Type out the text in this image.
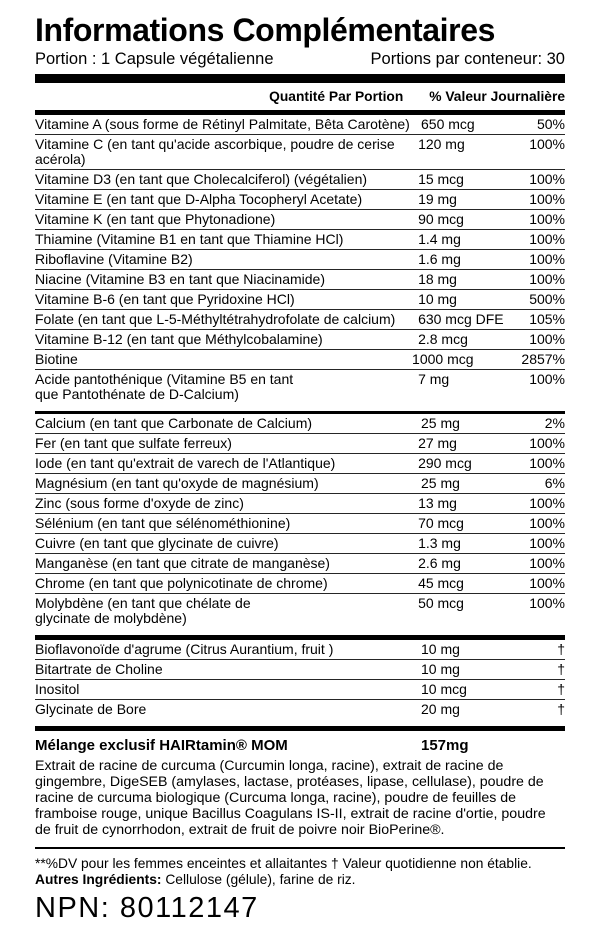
Informations Complémentaires
Portion : 1 Capsule végétalienne	Portions par conteneur: 30
Quantité Par Portion % Valeur Journalière
Vitamine A (sous forme de Rétinyl Palmitate, Bêta Carotène) 650 mcg	50%
Vitamine C (en tant qu'acide ascorbique, poudre de cerise acérola)
120 mg	100%
Vitamine D3 (en tant que Cholecalciferol) (végétalien)	15 mcg	100%
Vitamine E (en tant que D-Alpha Tocopheryl Acetate)	19 mg	100%
Vitamine K (en tant que Phytonadione)	90 mcg	100%
Thiamine (Vitamine B1 en tant que Thiamine HCl)	1.4 mg	100%
Riboflavine (Vitamine B2)	1.6 mg	100%
Niacine (Vitamine B3 en tant que Niacinamide)	18 mg	100%
Vitamine B-6 (en tant que Pyridoxine HCl)	10 mg	500%
Folate (en tant que L-5-Méthyltétrahydrofolate de calcium)	630 mcg DFE	105%
Vitamine B-12 (en tant que Méthylcobalamine)	2.8 mcg	100%
Biotine	1000 mcg	2857%
Acide pantothénique (Vitamine B5 en tant
que Pantothénate de D-Calcium)
7 mg	100%
Calcium (en tant que Carbonate de Calcium)	25 mg	2%
Fer (en tant que sulfate ferreux)	27 mg	100%
Iode (en tant qu'extrait de varech de l'Atlantique)	290 mcg	100%
Magnésium (en tant qu'oxyde de magnésium)	25 mg	6%
Zinc (sous forme d'oxyde de zinc)	13 mg	100%
Sélénium (en tant que sélénométhionine)	70 mcg	100%
Cuivre (en tant que glycinate de cuivre)	1.3 mg	100%
Manganèse (en tant que citrate de manganèse)	2.6 mg	100%
Chrome (en tant que polynicotinate de chrome)	45 mcg	100%
Molybdène (en tant que chélate de
glycinate de molybdène)
50 mcg	100%
Bioflavonoïde d'agrume (Citrus Aurantium, fruit )	10 mg	†
Bitartrate de Choline	10 mg	†
Inositol	10 mcg	†
Glycinate de Bore	20 mg	†
Mélange exclusif HAIRtamin® MOM	157mg

Extrait de racine de curcuma (Curcumin longa, racine), extrait de racine de gingembre, DigeSEB (amylases, lactase, protéases, lipase, cellulase), poudre de racine de curcuma biologique (Curcuma longa, racine), poudre de feuilles de framboise rouge, unique Bacillus Coagulans IS-II, extrait de racine d'ortie, poudre de fruit de cynorrhodon, extrait de fruit de poivre noir BioPerine®.

**%DV pour les femmes enceintes et allaitantes † Valeur quotidienne non établie.

Autres Ingrédients: Cellulose (gélule), farine de riz.

NPN: 80112147
